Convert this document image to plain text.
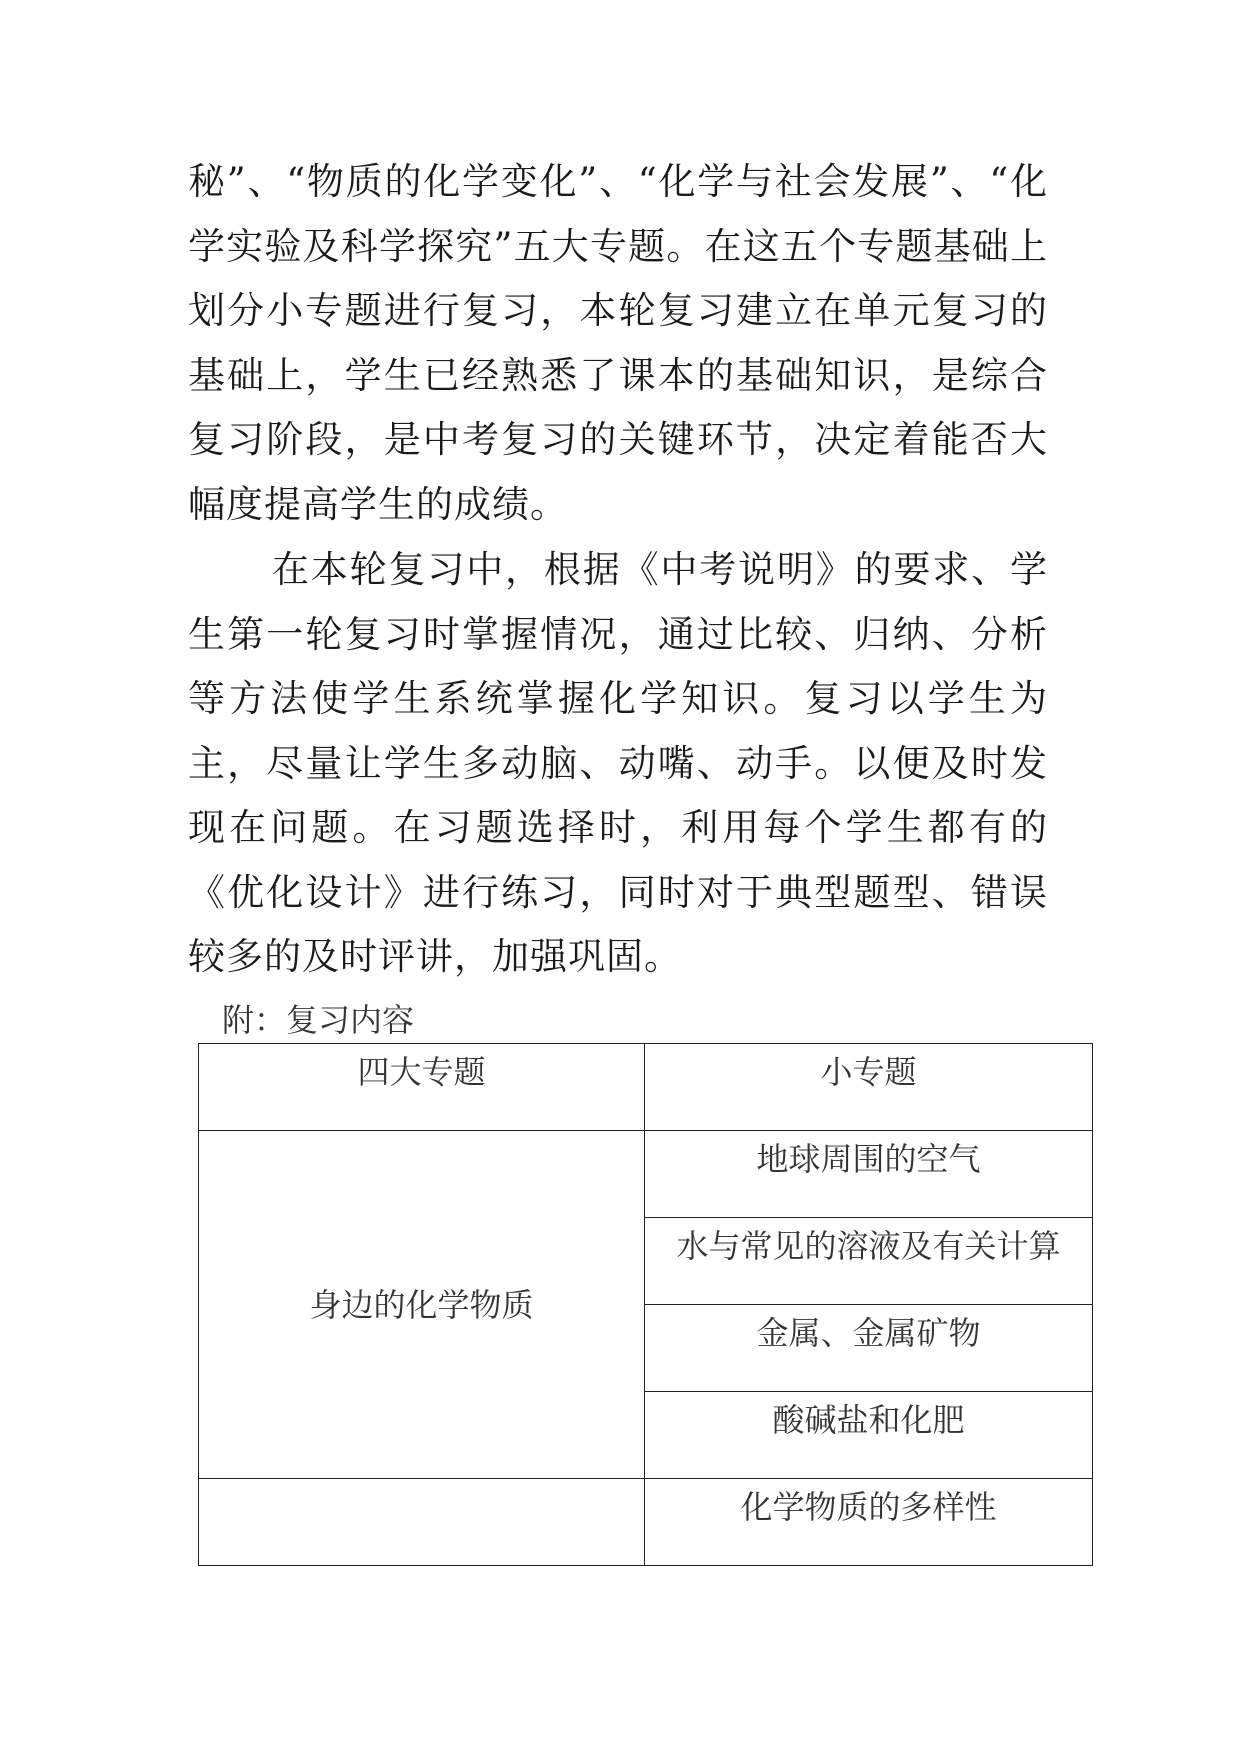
秘”、“物质的化学变化”、“化学与社会发展”、“化学实验及科学探究”五大专题。在这五个专题基础上划分小专题进行复习，本轮复习建立在单元复习的基础上，学生已经熟悉了课本的基础知识，是综合复习阶段，是中考复习的关键环节，决定着能否大幅度提高学生的成绩。

在本轮复习中，根据《中考说明》的要求、学生第一轮复习时掌握情况，通过比较、归纳、分析等方法使学生系统掌握化学知识。复习以学生为主，尽量让学生多动脑、动嘴、动手。以便及时发现在问题。在习题选择时，利用每个学生都有的《优化设计》进行练习，同时对于典型题型、错误较多的及时评讲，加强巩固。

附：复习内容

四大专题	小专题

身边的化学物质	地球周围的空气

	水与常见的溶液及有关计算

	金属、金属矿物

	酸碱盐和化肥

	化学物质的多样性
